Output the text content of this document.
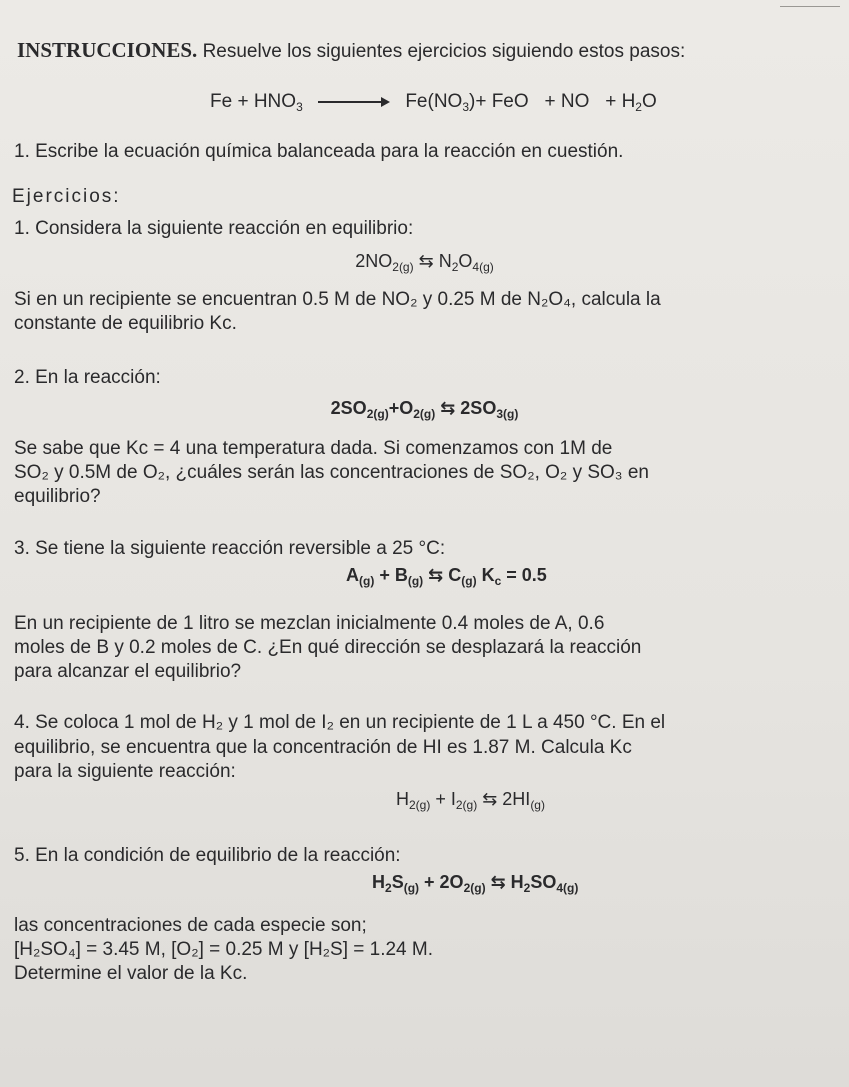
INSTRUCCIONES. Resuelve los siguientes ejercicios siguiendo estos pasos:
$Fe + HNO_3$	$Fe(NO_3)+$ FeO   + NO   + $H_2O$
1. Escribe la ecuación química balanceada para la reacción en cuestión.
Ejercicios:
1. Considera la siguiente reacción en equilibrio:
$2NO_{2(g)}$ ⇆ $N_2O_{4(g)}$
Si en un recipiente se encuentran 0.5 M de NO₂ y 0.25 M de N₂O₄, calcula la
constante de equilibrio Kc.
2. En la reacción:
$2SO_{2(g)}+O_{2(g)}$ ⇆ $2SO_{3(g)}$
Se sabe que Kc = 4 una temperatura dada. Si comenzamos con 1M de
SO₂ y 0.5M de O₂, ¿cuáles serán las concentraciones de SO₂, O₂ y SO₃ en
equilibrio?
3. Se tiene la siguiente reacción reversible a 25 °C:
$A_{(g)} + B_{(g)}$ ⇆ $C_{(g)}$ $K_c = 0.5$
En un recipiente de 1 litro se mezclan inicialmente 0.4 moles de A, 0.6
moles de B y 0.2 moles de C. ¿En qué dirección se desplazará la reacción
para alcanzar el equilibrio?
4. Se coloca 1 mol de H₂ y 1 mol de I₂ en un recipiente de 1 L a 450 °C. En el
equilibrio, se encuentra que la concentración de HI es 1.87 M. Calcula Kc
para la siguiente reacción:
$H_{2(g)} + I_{2(g)}$ ⇆ $2HI_{(g)}$
5. En la condición de equilibrio de la reacción:
$H_2S_{(g)} + 2O_{2(g)}$ ⇆ $H_2SO_{4(g)}$
las concentraciones de cada especie son;
[H₂SO₄] = 3.45 M, [O₂] = 0.25 M y [H₂S] = 1.24 M.
Determine el valor de la Kc.
